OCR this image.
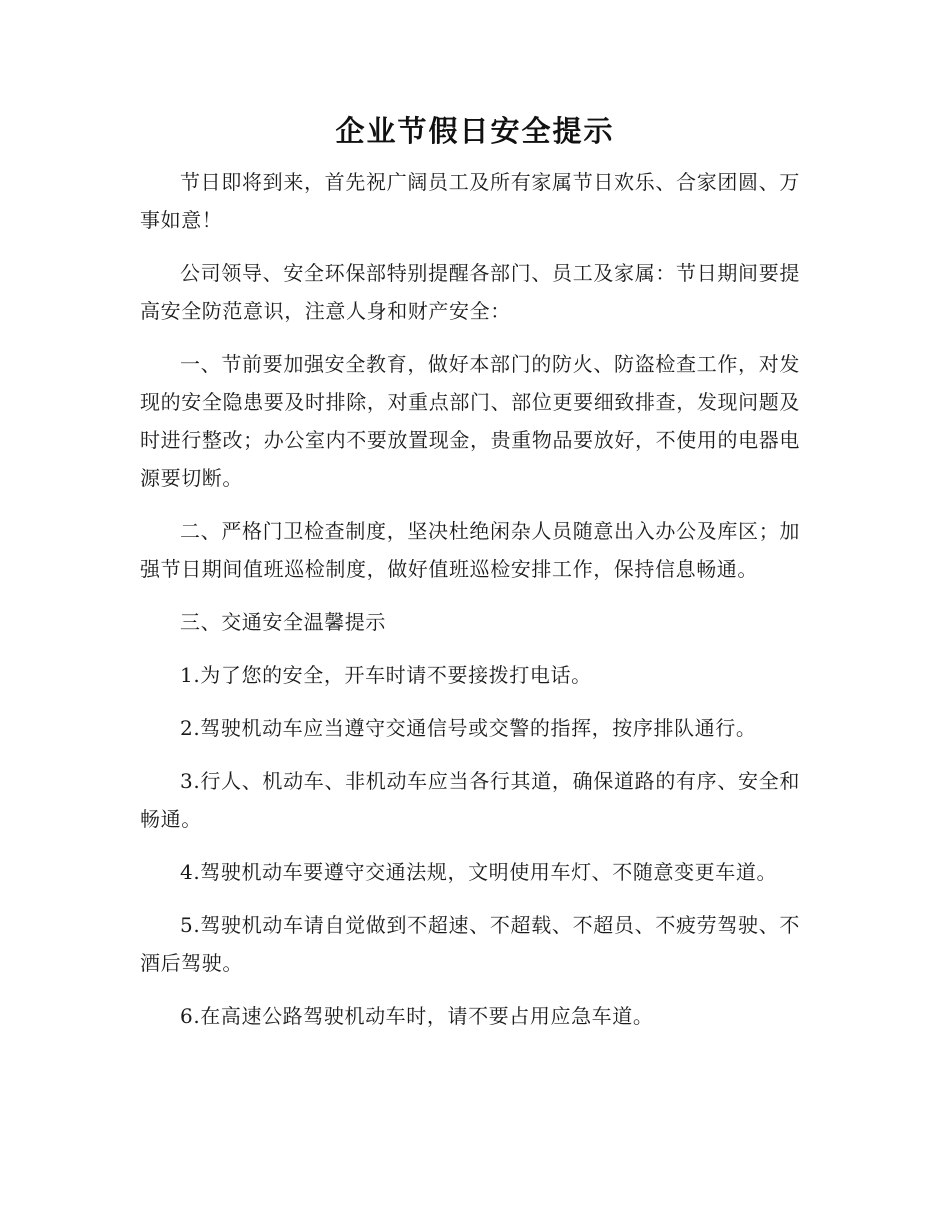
企业节假日安全提示

节日即将到来，首先祝广阔员工及所有家属节日欢乐、合家团圆、万事如意！

公司领导、安全环保部特别提醒各部门、员工及家属：节日期间要提高安全防范意识，注意人身和财产安全：

一、节前要加强安全教育，做好本部门的防火、防盗检查工作，对发现的安全隐患要及时排除，对重点部门、部位更要细致排查，发现问题及时进行整改；办公室内不要放置现金，贵重物品要放好，不使用的电器电源要切断。

二、严格门卫检查制度，坚决杜绝闲杂人员随意出入办公及库区；加强节日期间值班巡检制度，做好值班巡检安排工作，保持信息畅通。

三、交通安全温馨提示

1.为了您的安全，开车时请不要接拨打电话。

2.驾驶机动车应当遵守交通信号或交警的指挥，按序排队通行。

3.行人、机动车、非机动车应当各行其道，确保道路的有序、安全和畅通。

4.驾驶机动车要遵守交通法规，文明使用车灯、不随意变更车道。

5.驾驶机动车请自觉做到不超速、不超载、不超员、不疲劳驾驶、不酒后驾驶。

6.在高速公路驾驶机动车时，请不要占用应急车道。
